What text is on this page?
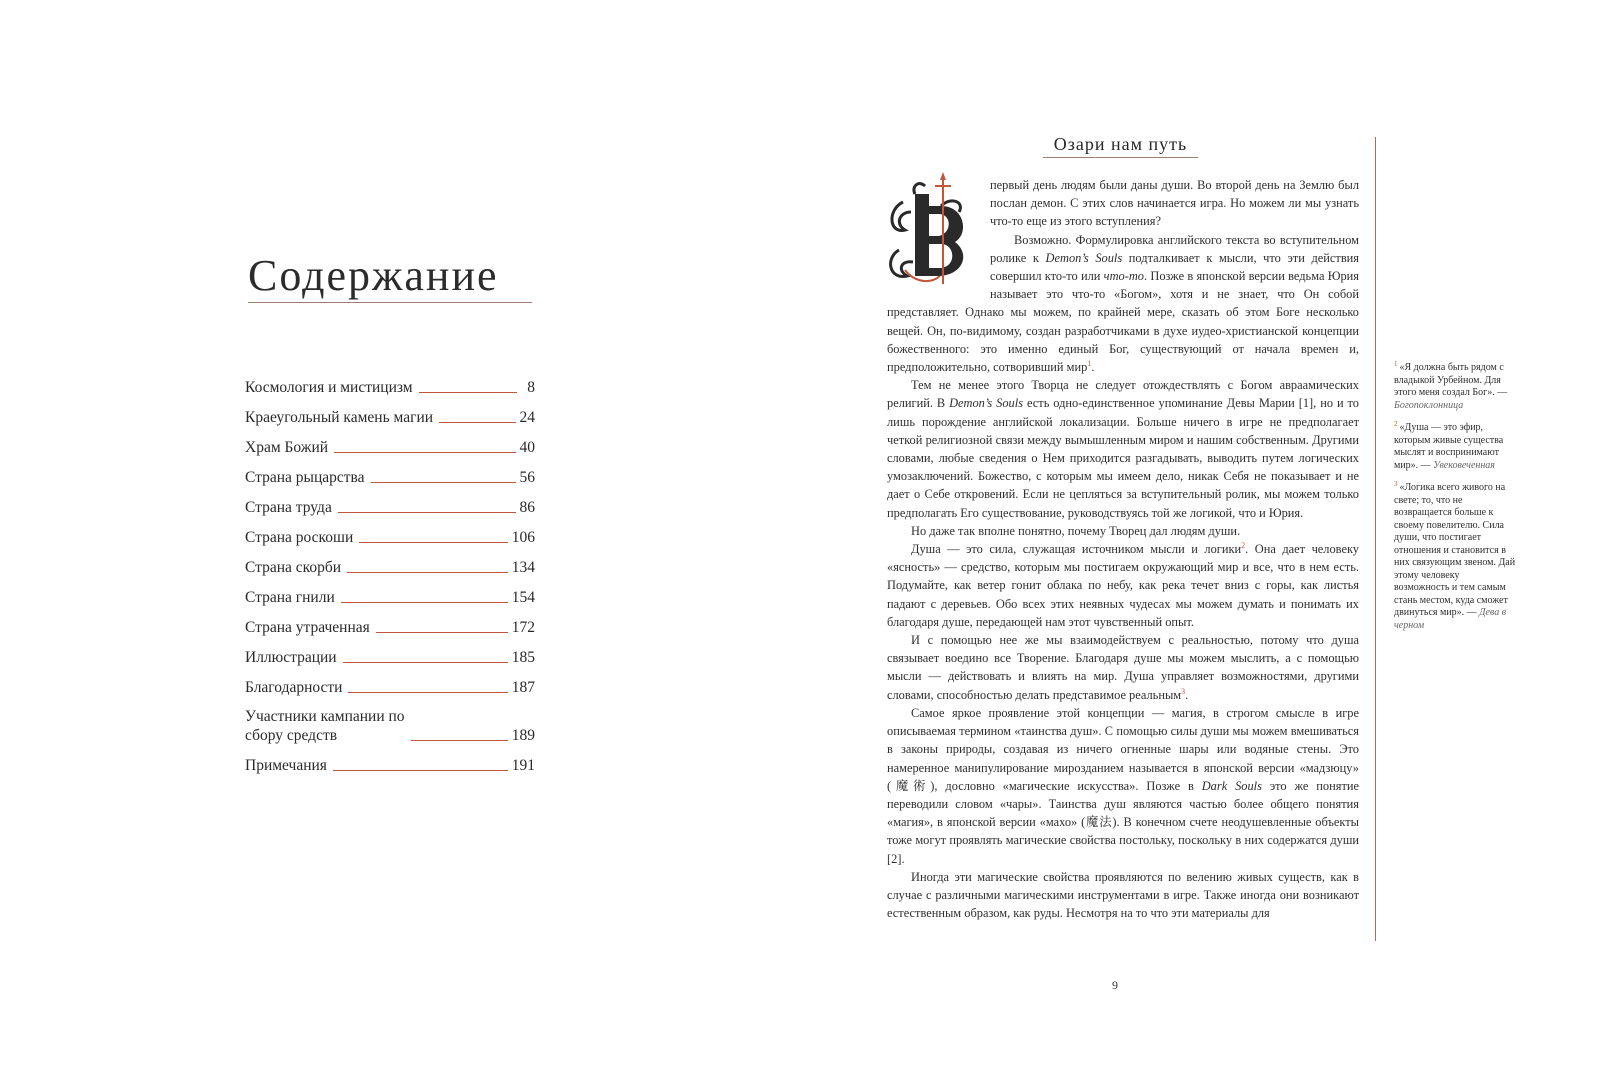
Содержание
Космология и мистицизм	8
Краеугольный камень магии	24
Храм Божий	40
Страна рыцарства	56
Страна труда	86
Страна роскоши	106
Страна скорби	134
Страна гнили	154
Страна утраченная	172
Иллюстрации	185
Благодарности	187
Участники кампании по сбору средств	189
Примечания	191
Озари нам путь

первый день людям были даны души. Во второй день на Землю был послан демон. С этих слов начинается игра. Но можем ли мы узнать что-то еще из этого вступления?

Возможно. Формулировка английского текста во вступительном ролике к Demon’s Souls подталкивает к мысли, что эти действия совершил кто-то или что-то. Позже в японской версии ведьма Юрия называет это что-то «Богом», хотя и не знает, что Он собой представляет. Однако мы можем, по крайней мере, сказать об этом Боге несколько вещей. Он, по-видимому, создан разработчиками в духе иудео-христианской концепции божественного: это именно единый Бог, существующий от начала времен и, предположительно, сотворивший мир$^1$.

Тем не менее этого Творца не следует отождествлять с Богом авраамических религий. В Demon’s Souls есть одно-единственное упоминание Девы Марии [1], но и то лишь порождение английской локализации. Больше ничего в игре не предполагает четкой религиозной связи между вымышленным миром и нашим собственным. Другими словами, любые сведения о Нем приходится разгадывать, выводить путем логических умозаключений. Божество, с которым мы имеем дело, никак Себя не показывает и не дает о Себе откровений. Если не цепляться за вступительный ролик, мы можем только предполагать Его существование, руководствуясь той же логикой, что и Юрия.

Но даже так вполне понятно, почему Творец дал людям души.

Душа — это сила, служащая источником мысли и логики$^2$. Она дает человеку «ясность» — средство, которым мы постигаем окружающий мир и все, что в нем есть. Подумайте, как ветер гонит облака по небу, как река течет вниз с горы, как листья падают с деревьев. Обо всех этих неявных чудесах мы можем думать и понимать их благодаря душе, передающей нам этот чувственный опыт.

И с помощью нее же мы взаимодействуем с реальностью, потому что душа связывает воедино все Творение. Благодаря душе мы можем мыслить, а с помощью мысли — действовать и влиять на мир. Душа управляет возможностями, другими словами, способностью делать представимое реальным$^3$.

Самое яркое проявление этой концепции — магия, в строгом смысле в игре описываемая термином «таинства душ». С помощью силы души мы можем вмешиваться в законы природы, создавая из ничего огненные шары или водяные стены. Это намеренное манипулирование мирозданием называется в японской версии «мадзюцу» (魔術), дословно «магические искусства». Позже в Dark Souls это же понятие переводили словом «чары». Таинства душ являются частью более общего понятия «магия», в японской версии «махо» (魔法). В конечном счете неодушевленные объекты тоже могут проявлять магические свойства постольку, поскольку в них содержатся души [2].

Иногда эти магические свойства проявляются по велению живых существ, как в случае с различными магическими инструментами в игре. Также иногда они возникают естественным образом, как руды. Несмотря на то что эти материалы для

$^1$ «Я должна быть рядом с владыкой Урбейном. Для этого меня создал Бог». — Богопоклонница
$^2$ «Душа — это эфир, которым живые существа мыслят и воспринимают мир». — Увековеченная
$^3$ «Логика всего живого на свете; то, что не возвращается больше к своему повелителю. Сила души, что постигает отношения и становится в них связующим звеном. Дай этому человеку возможность и тем самым стань местом, куда сможет двинуться мир». — Дева в черном
9
